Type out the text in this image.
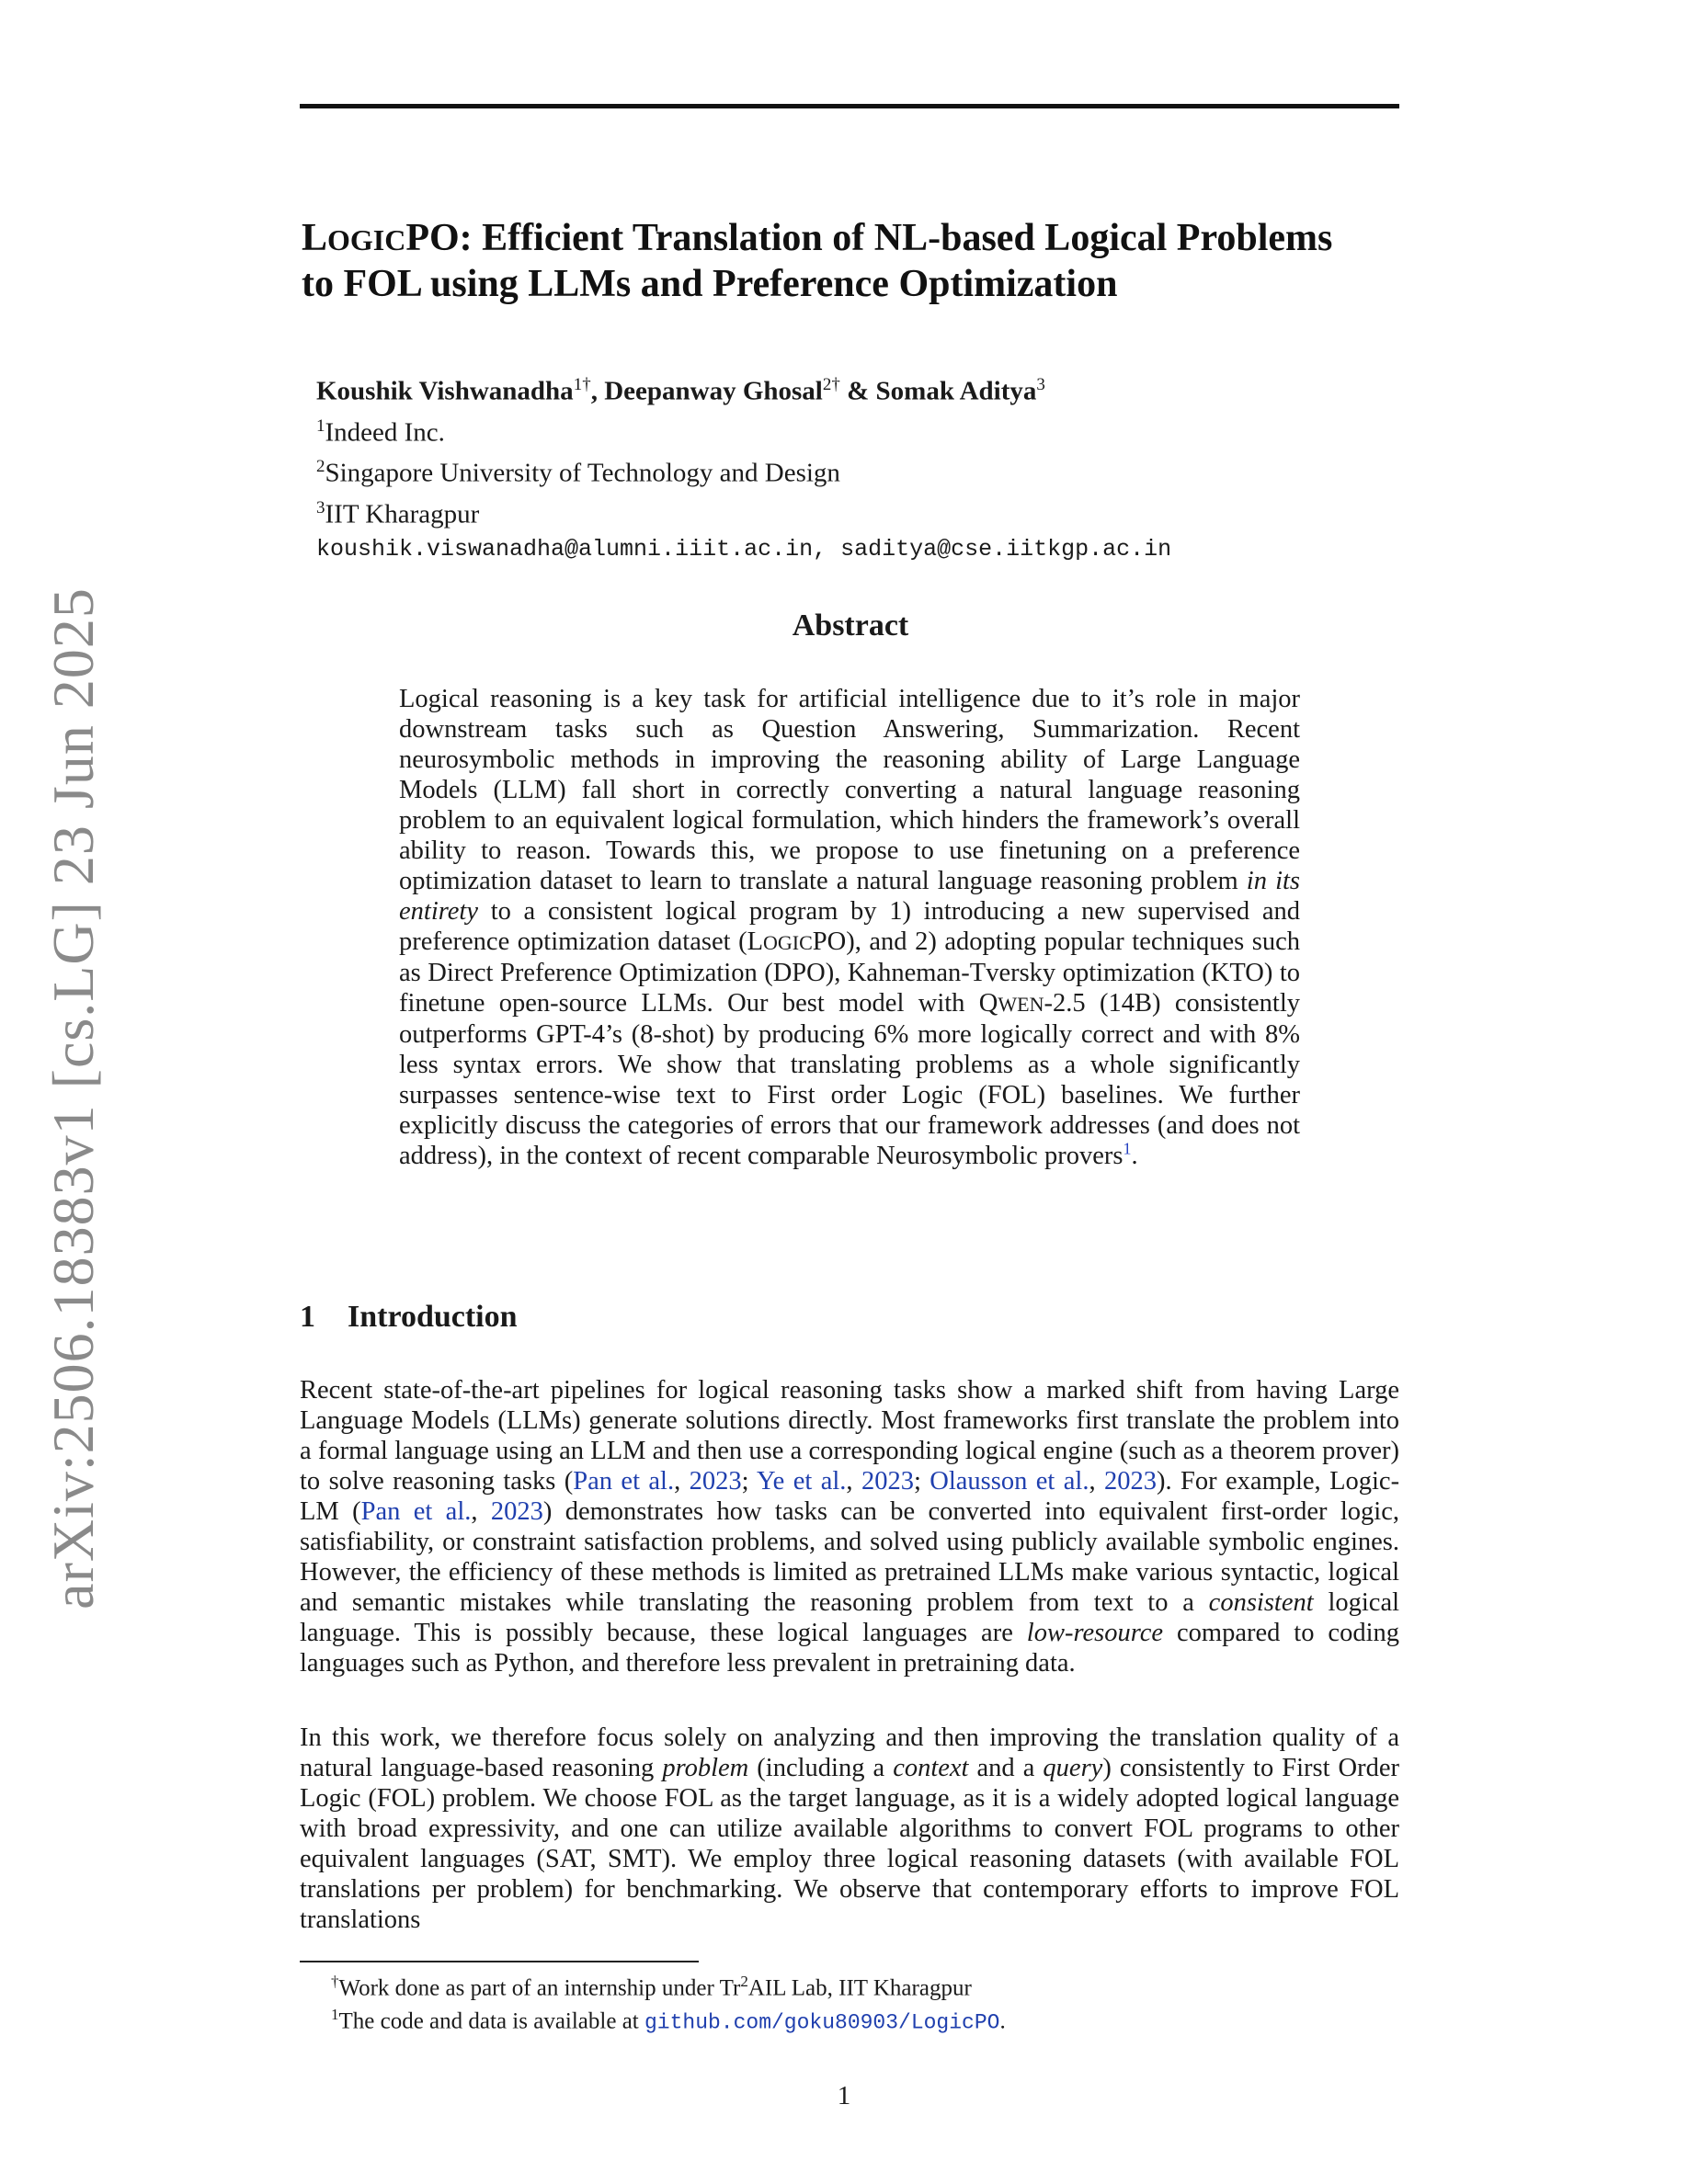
arXiv:2506.18383v1 [cs.LG] 23 Jun 2025
LOGICPO: Efficient Translation of NL-based Logical Problems
to FOL using LLMs and Preference Optimization
Koushik Vishwanadha$^{1\dagger}$, Deepanway Ghosal$^{2\dagger}$ & Somak Aditya$^3$
$^1$Indeed Inc.
$^2$Singapore University of Technology and Design
$^3$IIT Kharagpur
koushik.viswanadha@alumni.iiit.ac.in, saditya@cse.iitkgp.ac.in
Abstract

Logical reasoning is a key task for artificial intelligence due to it’s role in major downstream tasks such as Question Answering, Summarization. Recent neurosymbolic methods in improving the reasoning ability of Large Language Models (LLM) fall short in correctly converting a natural language reasoning problem to an equivalent logical formulation, which hinders the framework’s overall ability to reason. Towards this, we propose to use finetuning on a preference optimization dataset to learn to translate a natural language reasoning problem in its entirety to a consistent logical program by 1) introducing a new supervised and preference optimization dataset (LOGICPO), and 2) adopting popular techniques such as Direct Preference Optimization (DPO), Kahneman-Tversky optimization (KTO) to finetune open-source LLMs. Our best model with QWEN-2.5 (14B) consistently outperforms GPT-4’s (8-shot) by producing 6% more logically correct and with 8% less syntax errors. We show that translating problems as a whole significantly surpasses sentence-wise text to First order Logic (FOL) baselines. We further explicitly discuss the categories of errors that our framework addresses (and does not address), in the context of recent comparable Neurosymbolic provers$^1$.

1 Introduction

Recent state-of-the-art pipelines for logical reasoning tasks show a marked shift from having Large Language Models (LLMs) generate solutions directly. Most frameworks first translate the problem into a formal language using an LLM and then use a corresponding logical engine (such as a theorem prover) to solve reasoning tasks (Pan et al., 2023; Ye et al., 2023; Olausson et al., 2023). For example, Logic-LM (Pan et al., 2023) demonstrates how tasks can be converted into equivalent first-order logic, satisfiability, or constraint satisfaction problems, and solved using publicly available symbolic engines. However, the efficiency of these methods is limited as pretrained LLMs make various syntactic, logical and semantic mistakes while translating the reasoning problem from text to a consistent logical language. This is possibly because, these logical languages are low-resource compared to coding languages such as Python, and therefore less prevalent in pretraining data.

In this work, we therefore focus solely on analyzing and then improving the translation quality of a natural language-based reasoning problem (including a context and a query) consistently to First Order Logic (FOL) problem. We choose FOL as the target language, as it is a widely adopted logical language with broad expressivity, and one can utilize available algorithms to convert FOL programs to other equivalent languages (SAT, SMT). We employ three logical reasoning datasets (with available FOL translations per problem) for benchmarking. We observe that contemporary efforts to improve FOL translations

†Work done as part of an internship under Tr$^2$AIL Lab, IIT Kharagpur

$^1$The code and data is available at github.com/goku80903/LogicPO.

1
